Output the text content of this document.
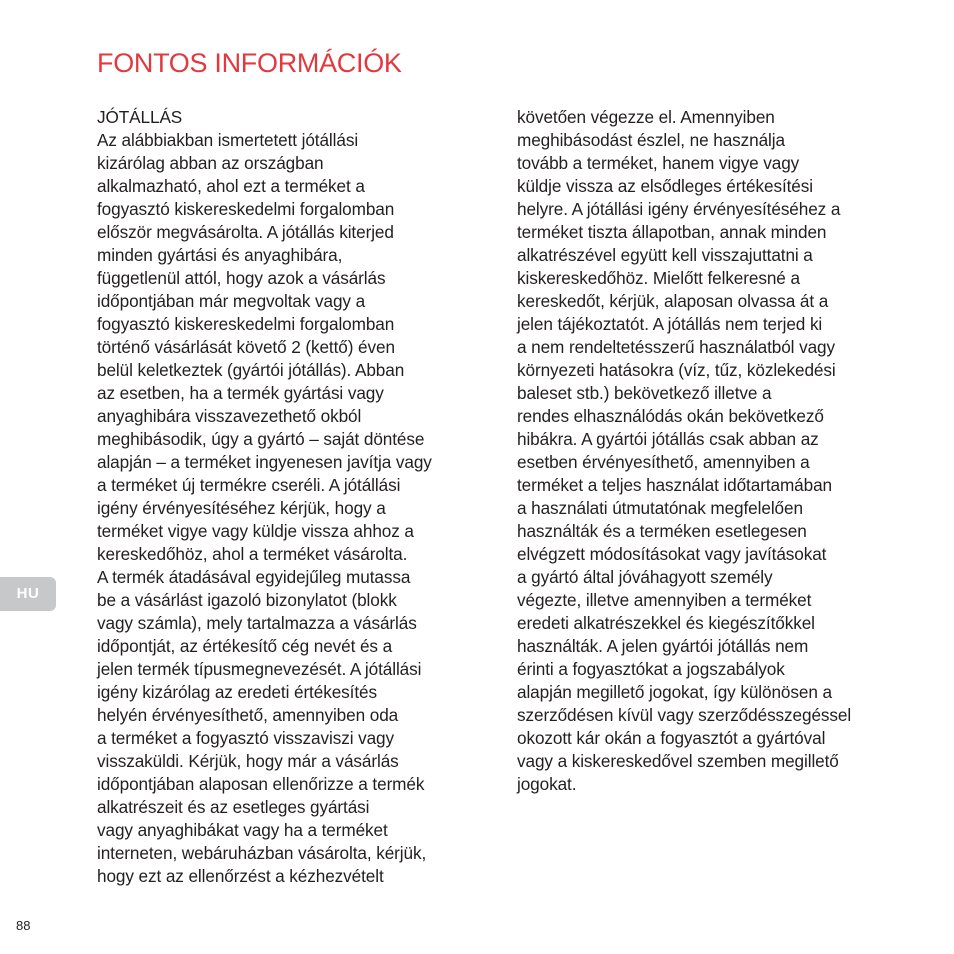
FONTOS INFORMÁCIÓK
JÓTÁLLÁS
Az alábbiakban ismertetett jótállási
kizárólag abban az országban
alkalmazható, ahol ezt a terméket a
fogyasztó kiskereskedelmi forgalomban
először megvásárolta. A jótállás kiterjed
minden gyártási és anyaghibára,
függetlenül attól, hogy azok a vásárlás
időpontjában már megvoltak vagy a
fogyasztó kiskereskedelmi forgalomban
történő vásárlását követő 2 (kettő) éven
belül keletkeztek (gyártói jótállás). Abban
az esetben, ha a termék gyártási vagy
anyaghibára visszavezethető okból
meghibásodik, úgy a gyártó – saját döntése
alapján – a terméket ingyenesen javítja vagy
a terméket új termékre cseréli. A jótállási
igény érvényesítéséhez kérjük, hogy a
terméket vigye vagy küldje vissza ahhoz a
kereskedőhöz, ahol a terméket vásárolta.
A termék átadásával egyidejűleg mutassa
be a vásárlást igazoló bizonylatot (blokk
vagy számla), mely tartalmazza a vásárlás
időpontját, az értékesítő cég nevét és a
jelen termék típusmegnevezését. A jótállási
igény kizárólag az eredeti értékesítés
helyén érvényesíthető, amennyiben oda
a terméket a fogyasztó visszaviszi vagy
visszaküldi. Kérjük, hogy már a vásárlás
időpontjában alaposan ellenőrizze a termék
alkatrészeit és az esetleges gyártási
vagy anyaghibákat vagy ha a terméket
interneten, webáruházban vásárolta, kérjük,
hogy ezt az ellenőrzést a kézhezvételt
követően végezze el. Amennyiben
meghibásodást észlel, ne használja
tovább a terméket, hanem vigye vagy
küldje vissza az elsődleges értékesítési
helyre. A jótállási igény érvényesítéséhez a
terméket tiszta állapotban, annak minden
alkatrészével együtt kell visszajuttatni a
kiskereskedőhöz. Mielőtt felkeresné a
kereskedőt, kérjük, alaposan olvassa át a
jelen tájékoztatót. A jótállás nem terjed ki
a nem rendeltetésszerű használatból vagy
környezeti hatásokra (víz, tűz, közlekedési
baleset stb.) bekövetkező illetve a
rendes elhasználódás okán bekövetkező
hibákra. A gyártói jótállás csak abban az
esetben érvényesíthető, amennyiben a
terméket a teljes használat időtartamában
a használati útmutatónak megfelelően
használták és a terméken esetlegesen
elvégzett módosításokat vagy javításokat
a gyártó által jóváhagyott személy
végezte, illetve amennyiben a terméket
eredeti alkatrészekkel és kiegészítőkkel
használták. A jelen gyártói jótállás nem
érinti a fogyasztókat a jogszabályok
alapján megillető jogokat, így különösen a
szerződésen kívül vagy szerződésszegéssel
okozott kár okán a fogyasztót a gyártóval
vagy a kiskereskedővel szemben megillető
jogokat.
HU
88
